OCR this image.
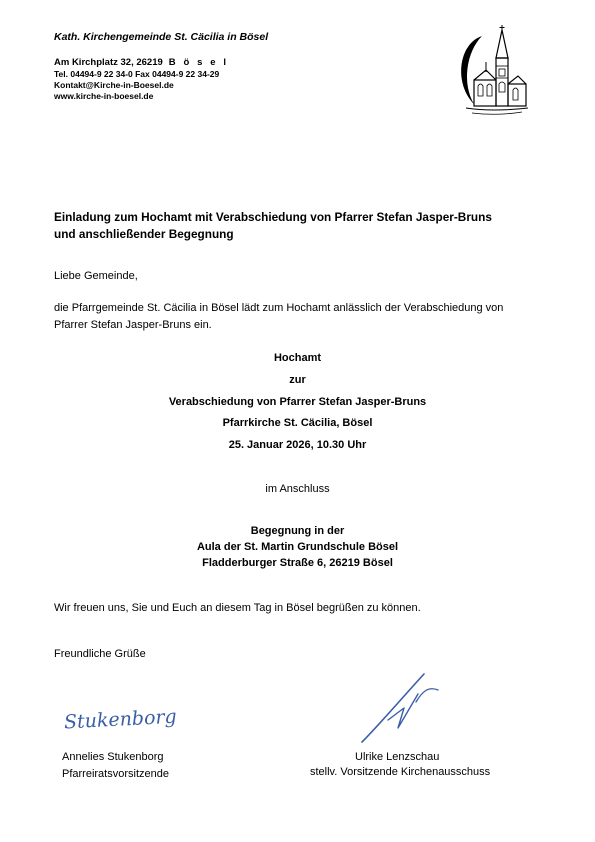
Kath. Kirchengemeinde St. Cäcilia in Bösel
Am Kirchplatz 32, 26219 B ö s e l
Tel. 04494-9 22 34-0 Fax 04494-9 22 34-29
Kontakt@Kirche-in-Boesel.de
www.kirche-in-boesel.de
Einladung zum Hochamt mit Verabschiedung von Pfarrer Stefan Jasper-Bruns
und anschließender Begegnung
Liebe Gemeinde,
die Pfarrgemeinde St. Cäcilia in Bösel lädt zum Hochamt anlässlich der Verabschiedung von
Pfarrer Stefan Jasper-Bruns ein.
Hochamt
zur
Verabschiedung von Pfarrer Stefan Jasper-Bruns
Pfarrkirche St. Cäcilia, Bösel
25. Januar 2026, 10.30 Uhr
im Anschluss
Begegnung in der
Aula der St. Martin Grundschule Bösel
Fladderburger Straße 6, 26219 Bösel
Wir freuen uns, Sie und Euch an diesem Tag in Bösel begrüßen zu können.
Freundliche Grüße
Stukenborg
Annelies Stukenborg
Pfarreiratsvorsitzende
Ulrike Lenzschau
stellv. Vorsitzende Kirchenausschuss
